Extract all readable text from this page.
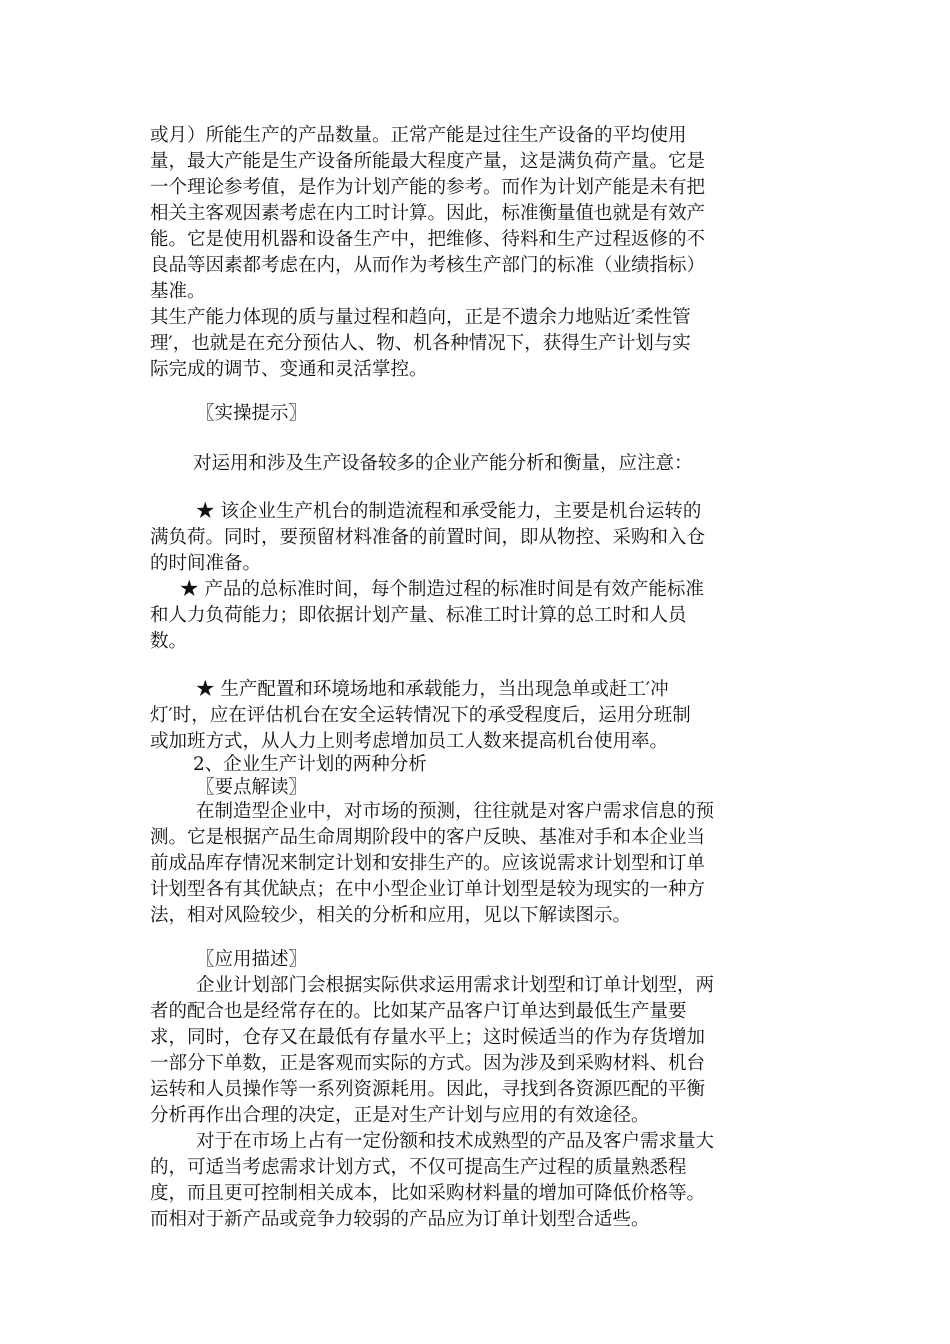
或月）所能生产的产品数量。正常产能是过往生产设备的平均使用
量，最大产能是生产设备所能最大程度产量，这是满负荷产量。它是
一个理论参考值，是作为计划产能的参考。而作为计划产能是未有把
相关主客观因素考虑在内工时计算。因此，标准衡量值也就是有效产
能。它是使用机器和设备生产中，把维修、待料和生产过程返修的不
良品等因素都考虑在内，从而作为考核生产部门的标准（业绩指标）
基准。
其生产能力体现的质与量过程和趋向，正是不遗余力地贴近′柔性管
理′，也就是在充分预估人、物、机各种情况下，获得生产计划与实
际完成的调节、变通和灵活掌控。
〖实操提示〗
对运用和涉及生产设备较多的企业产能分析和衡量，应注意：
★ 该企业生产机台的制造流程和承受能力，主要是机台运转的
满负荷。同时，要预留材料准备的前置时间，即从物控、采购和入仓
的时间准备。
★ 产品的总标准时间，每个制造过程的标准时间是有效产能标准
和人力负荷能力；即依据计划产量、标准工时计算的总工时和人员
数。
★ 生产配置和环境场地和承载能力，当出现急单或赶工′冲
灯′时，应在评估机台在安全运转情况下的承受程度后，运用分班制
或加班方式，从人力上则考虑增加员工人数来提高机台使用率。
2、企业生产计划的两种分析
〖要点解读〗
在制造型企业中，对市场的预测，往往就是对客户需求信息的预
测。它是根据产品生命周期阶段中的客户反映、基准对手和本企业当
前成品库存情况来制定计划和安排生产的。应该说需求计划型和订单
计划型各有其优缺点；在中小型企业订单计划型是较为现实的一种方
法，相对风险较少，相关的分析和应用，见以下解读图示。
〖应用描述〗
企业计划部门会根据实际供求运用需求计划型和订单计划型，两
者的配合也是经常存在的。比如某产品客户订单达到最低生产量要
求，同时，仓存又在最低有存量水平上；这时候适当的作为存货增加
一部分下单数，正是客观而实际的方式。因为涉及到采购材料、机台
运转和人员操作等一系列资源耗用。因此，寻找到各资源匹配的平衡
分析再作出合理的决定，正是对生产计划与应用的有效途径。
对于在市场上占有一定份额和技术成熟型的产品及客户需求量大
的，可适当考虑需求计划方式，不仅可提高生产过程的质量熟悉程
度，而且更可控制相关成本，比如采购材料量的增加可降低价格等。
而相对于新产品或竞争力较弱的产品应为订单计划型合适些。
